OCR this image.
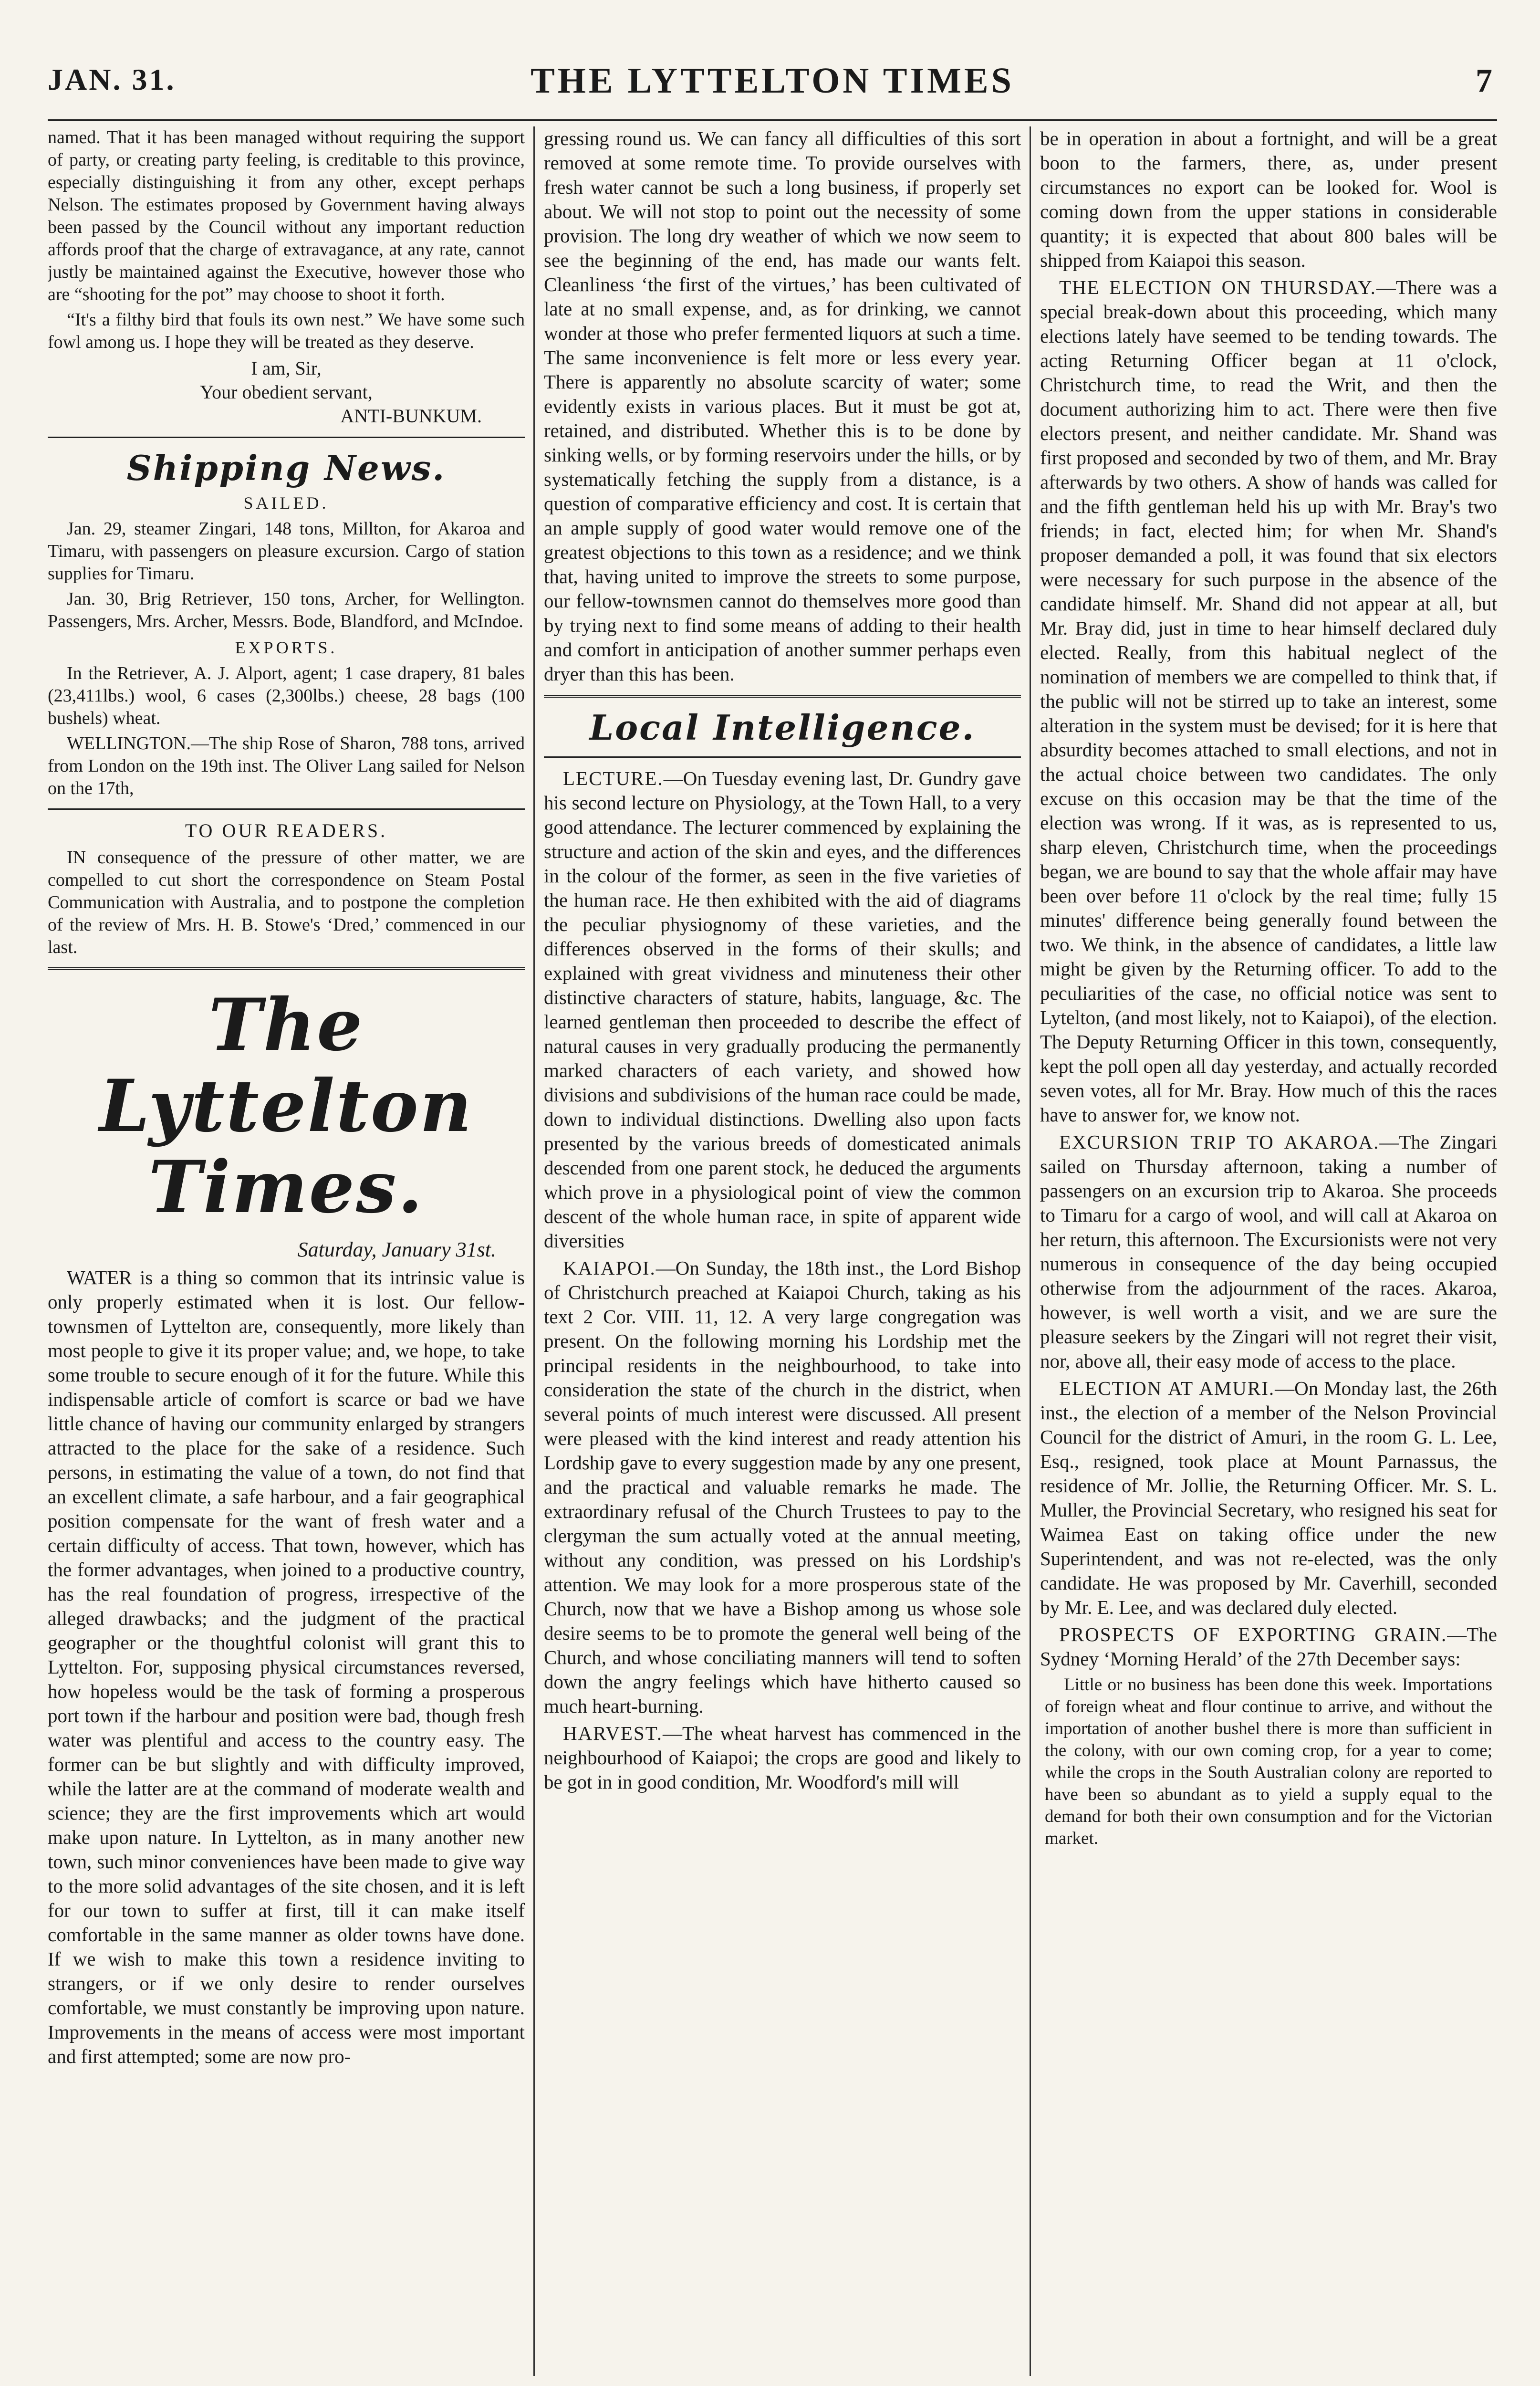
JAN. 31.	THE LYTTELTON TIMES	7

named. That it has been managed without requiring the support of party, or creating party feeling, is creditable to this province, especially distinguishing it from any other, except perhaps Nelson. The estimates proposed by Government having always been passed by the Council without any important reduction affords proof that the charge of extravagance, at any rate, cannot justly be maintained against the Executive, however those who are “shooting for the pot” may choose to shoot it forth.

“It's a filthy bird that fouls its own nest.” We have some such fowl among us. I hope they will be treated as they deserve.

I am, Sir,
Your obedient servant,
ANTI-BUNKUM.
Shipping News.
SAILED.

Jan. 29, steamer Zingari, 148 tons, Millton, for Akaroa and Timaru, with passengers on pleasure excursion. Cargo of station supplies for Timaru.

Jan. 30, Brig Retriever, 150 tons, Archer, for Wellington. Passengers, Mrs. Archer, Messrs. Bode, Blandford, and McIndoe.

EXPORTS.

In the Retriever, A. J. Alport, agent; 1 case drapery, 81 bales (23,411lbs.) wool, 6 cases (2,300lbs.) cheese, 28 bags (100 bushels) wheat.

WELLINGTON.—The ship Rose of Sharon, 788 tons, arrived from London on the 19th inst. The Oliver Lang sailed for Nelson on the 17th,

TO OUR READERS.

IN consequence of the pressure of other matter, we are compelled to cut short the correspondence on Steam Postal Communication with Australia, and to postpone the completion of the review of Mrs. H. B. Stowe's ‘Dred,’ commenced in our last.

The Lyttelton Times.
Saturday, January 31st.

WATER is a thing so common that its intrinsic value is only properly estimated when it is lost. Our fellow-townsmen of Lyttelton are, consequently, more likely than most people to give it its proper value; and, we hope, to take some trouble to secure enough of it for the future. While this indispensable article of comfort is scarce or bad we have little chance of having our community enlarged by strangers attracted to the place for the sake of a residence. Such persons, in estimating the value of a town, do not find that an excellent climate, a safe harbour, and a fair geographical position compensate for the want of fresh water and a certain difficulty of access. That town, however, which has the former advantages, when joined to a productive country, has the real foundation of progress, irrespective of the alleged drawbacks; and the judgment of the practical geographer or the thoughtful colonist will grant this to Lyttelton. For, supposing physical circumstances reversed, how hopeless would be the task of forming a prosperous port town if the harbour and position were bad, though fresh water was plentiful and access to the country easy. The former can be but slightly and with difficulty improved, while the latter are at the command of moderate wealth and science; they are the first improvements which art would make upon nature. In Lyttelton, as in many another new town, such minor conveniences have been made to give way to the more solid advantages of the site chosen, and it is left for our town to suffer at first, till it can make itself comfortable in the same manner as older towns have done. If we wish to make this town a residence inviting to strangers, or if we only desire to render ourselves comfortable, we must constantly be improving upon nature. Improvements in the means of access were most important and first attempted; some are now pro-

gressing round us. We can fancy all difficulties of this sort removed at some remote time. To provide ourselves with fresh water cannot be such a long business, if properly set about. We will not stop to point out the necessity of some provision. The long dry weather of which we now seem to see the beginning of the end, has made our wants felt. Cleanliness ‘the first of the virtues,’ has been cultivated of late at no small expense, and, as for drinking, we cannot wonder at those who prefer fermented liquors at such a time. The same inconvenience is felt more or less every year. There is apparently no absolute scarcity of water; some evidently exists in various places. But it must be got at, retained, and distributed. Whether this is to be done by sinking wells, or by forming reservoirs under the hills, or by systematically fetching the supply from a distance, is a question of comparative efficiency and cost. It is certain that an ample supply of good water would remove one of the greatest objections to this town as a residence; and we think that, having united to improve the streets to some purpose, our fellow-townsmen cannot do themselves more good than by trying next to find some means of adding to their health and comfort in anticipation of another summer perhaps even dryer than this has been.

Local Intelligence.

LECTURE.—On Tuesday evening last, Dr. Gundry gave his second lecture on Physiology, at the Town Hall, to a very good attendance. The lecturer commenced by explaining the structure and action of the skin and eyes, and the differences in the colour of the former, as seen in the five varieties of the human race. He then exhibited with the aid of diagrams the peculiar physiognomy of these varieties, and the differences observed in the forms of their skulls; and explained with great vividness and minuteness their other distinctive characters of stature, habits, language, &c. The learned gentleman then proceeded to describe the effect of natural causes in very gradually producing the permanently marked characters of each variety, and showed how divisions and subdivisions of the human race could be made, down to individual distinctions. Dwelling also upon facts presented by the various breeds of domesticated animals descended from one parent stock, he deduced the arguments which prove in a physiological point of view the common descent of the whole human race, in spite of apparent wide diversities

KAIAPOI.—On Sunday, the 18th inst., the Lord Bishop of Christchurch preached at Kaiapoi Church, taking as his text 2 Cor. VIII. 11, 12. A very large congregation was present. On the following morning his Lordship met the principal residents in the neighbourhood, to take into consideration the state of the church in the district, when several points of much interest were discussed. All present were pleased with the kind interest and ready attention his Lordship gave to every suggestion made by any one present, and the practical and valuable remarks he made. The extraordinary refusal of the Church Trustees to pay to the clergyman the sum actually voted at the annual meeting, without any condition, was pressed on his Lordship's attention. We may look for a more prosperous state of the Church, now that we have a Bishop among us whose sole desire seems to be to promote the general well being of the Church, and whose conciliating manners will tend to soften down the angry feelings which have hitherto caused so much heart-burning.

HARVEST.—The wheat harvest has commenced in the neighbourhood of Kaiapoi; the crops are good and likely to be got in in good condition, Mr. Woodford's mill will

be in operation in about a fortnight, and will be a great boon to the farmers, there, as, under present circumstances no export can be looked for. Wool is coming down from the upper stations in considerable quantity; it is expected that about 800 bales will be shipped from Kaiapoi this season.

THE ELECTION ON THURSDAY.—There was a special break-down about this proceeding, which many elections lately have seemed to be tending towards. The acting Returning Officer began at 11 o'clock, Christchurch time, to read the Writ, and then the document authorizing him to act. There were then five electors present, and neither candidate. Mr. Shand was first proposed and seconded by two of them, and Mr. Bray afterwards by two others. A show of hands was called for and the fifth gentleman held his up with Mr. Bray's two friends; in fact, elected him; for when Mr. Shand's proposer demanded a poll, it was found that six electors were necessary for such purpose in the absence of the candidate himself. Mr. Shand did not appear at all, but Mr. Bray did, just in time to hear himself declared duly elected. Really, from this habitual neglect of the nomination of members we are compelled to think that, if the public will not be stirred up to take an interest, some alteration in the system must be devised; for it is here that absurdity becomes attached to small elections, and not in the actual choice between two candidates. The only excuse on this occasion may be that the time of the election was wrong. If it was, as is represented to us, sharp eleven, Christchurch time, when the proceedings began, we are bound to say that the whole affair may have been over before 11 o'clock by the real time; fully 15 minutes' difference being generally found between the two. We think, in the absence of candidates, a little law might be given by the Returning officer. To add to the peculiarities of the case, no official notice was sent to Lytelton, (and most likely, not to Kaiapoi), of the election. The Deputy Returning Officer in this town, consequently, kept the poll open all day yesterday, and actually recorded seven votes, all for Mr. Bray. How much of this the races have to answer for, we know not.

EXCURSION TRIP TO AKAROA.—The Zingari sailed on Thursday afternoon, taking a number of passengers on an excursion trip to Akaroa. She proceeds to Timaru for a cargo of wool, and will call at Akaroa on her return, this afternoon. The Excursionists were not very numerous in consequence of the day being occupied otherwise from the adjournment of the races. Akaroa, however, is well worth a visit, and we are sure the pleasure seekers by the Zingari will not regret their visit, nor, above all, their easy mode of access to the place.

ELECTION AT AMURI.—On Monday last, the 26th inst., the election of a member of the Nelson Provincial Council for the district of Amuri, in the room G. L. Lee, Esq., resigned, took place at Mount Parnassus, the residence of Mr. Jollie, the Returning Officer. Mr. S. L. Muller, the Provincial Secretary, who resigned his seat for Waimea East on taking office under the new Superintendent, and was not re-elected, was the only candidate. He was proposed by Mr. Caverhill, seconded by Mr. E. Lee, and was declared duly elected.

PROSPECTS OF EXPORTING GRAIN.—The Sydney ‘Morning Herald’ of the 27th December says:

Little or no business has been done this week. Importations of foreign wheat and flour continue to arrive, and without the importation of another bushel there is more than sufficient in the colony, with our own coming crop, for a year to come; while the crops in the South Australian colony are reported to have been so abundant as to yield a supply equal to the demand for both their own consumption and for the Victorian market.
